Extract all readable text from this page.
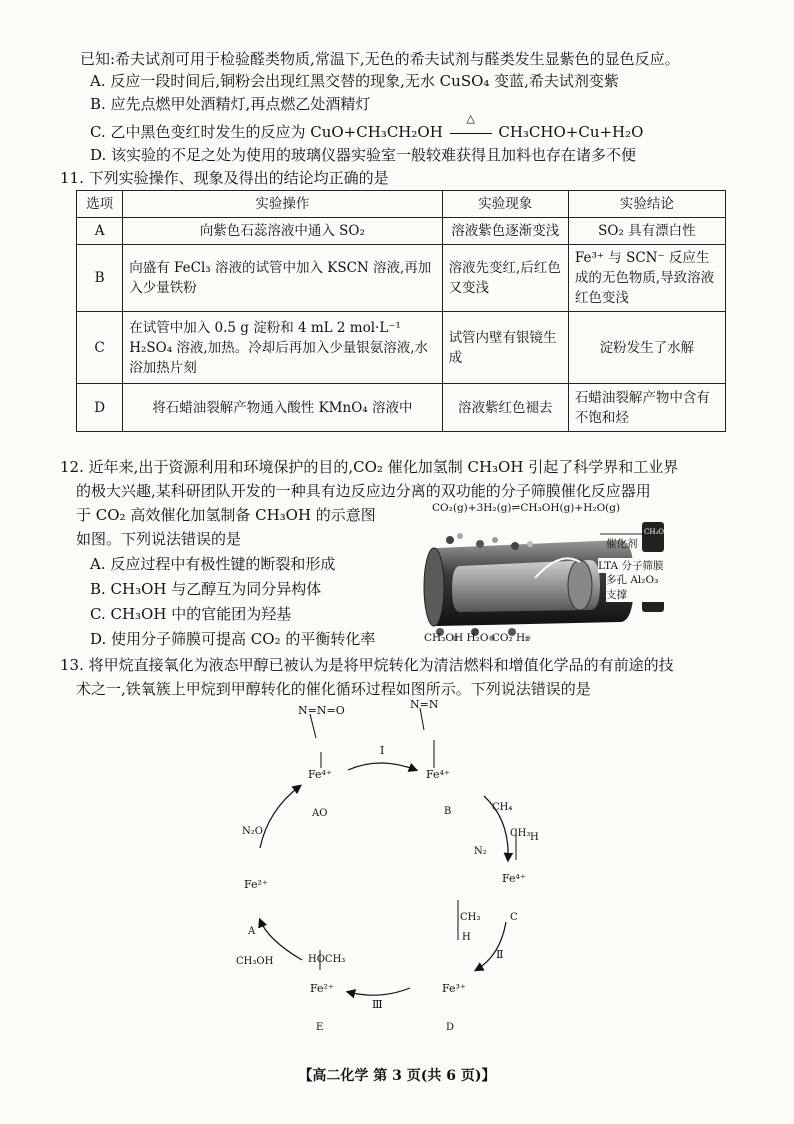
已知:希夫试剂可用于检验醛类物质,常温下,无色的希夫试剂与醛类发生显紫色的显色反应。
A. 反应一段时间后,铜粉会出现红黑交替的现象,无水 CuSO₄ 变蓝,希夫试剂变紫
B. 应先点燃甲处酒精灯,再点燃乙处酒精灯
C. 乙中黑色变红时发生的反应为 CuO+CH₃CH₂OH
△
CH₃CHO+Cu+H₂O
D. 该实验的不足之处为使用的玻璃仪器实验室一般较难获得且加料也存在诸多不便
11. 下列实验操作、现象及得出的结论均正确的是
选项	实验操作	实验现象	实验结论
A	向紫色石蕊溶液中通入 SO₂	溶液紫色逐渐变浅	SO₂ 具有漂白性
B	向盛有 FeCl₃ 溶液的试管中加入 KSCN 溶液,再加入少量铁粉	溶液先变红,后红色又变浅	Fe³⁺ 与 SCN⁻ 反应生成的无色物质,导致溶液红色变浅
C	在试管中加入 0.5 g 淀粉和 4 mL 2 mol·L⁻¹ H₂SO₄ 溶液,加热。冷却后再加入少量银氨溶液,水浴加热片刻	试管内壁有银镜生成	淀粉发生了水解
D	将石蜡油裂解产物通入酸性 KMnO₄ 溶液中	溶液紫红色褪去	石蜡油裂解产物中含有不饱和烃
12. 近年来,出于资源利用和环境保护的目的,CO₂ 催化加氢制 CH₃OH 引起了科学界和工业界
的极大兴趣,某科研团队开发的一种具有边反应边分离的双功能的分子筛膜催化反应器用
于 CO₂ 高效催化加氢制备 CH₃OH 的示意图
如图。下列说法错误的是
A. 反应过程中有极性键的断裂和形成
B. CH₃OH 与乙醇互为同分异构体
C. CH₃OH 中的官能团为羟基
D. 使用分子筛膜可提高 CO₂ 的平衡转化率
CO₂(g)+3H₂(g)⇌CH₃OH(g)+H₂O(g)
催化剂
CH₃OH
LTA 分子筛膜
多孔 Al₂O₃ 支撑
CH₃OH H₂O CO₂ H₂
13. 将甲烷直接氧化为液态甲醇已被认为是将甲烷转化为清洁燃料和增值化学品的有前途的技
术之一,铁氧簇上甲烷到甲醇转化的催化循环过程如图所示。下列说法错误的是
N=N=O	N=N
Fe⁴⁺	Fe⁴⁺
AO	B
I
CH₄
CH₃ H
N₂
Fe⁴⁺
C
CH₃
H
Ⅱ
Fe³⁺
D
HOCH₃
Fe²⁺
E
Ⅲ
CH₃OH
Fe²⁺
A
N₂O
【高二化学 第 3 页(共 6 页)】
